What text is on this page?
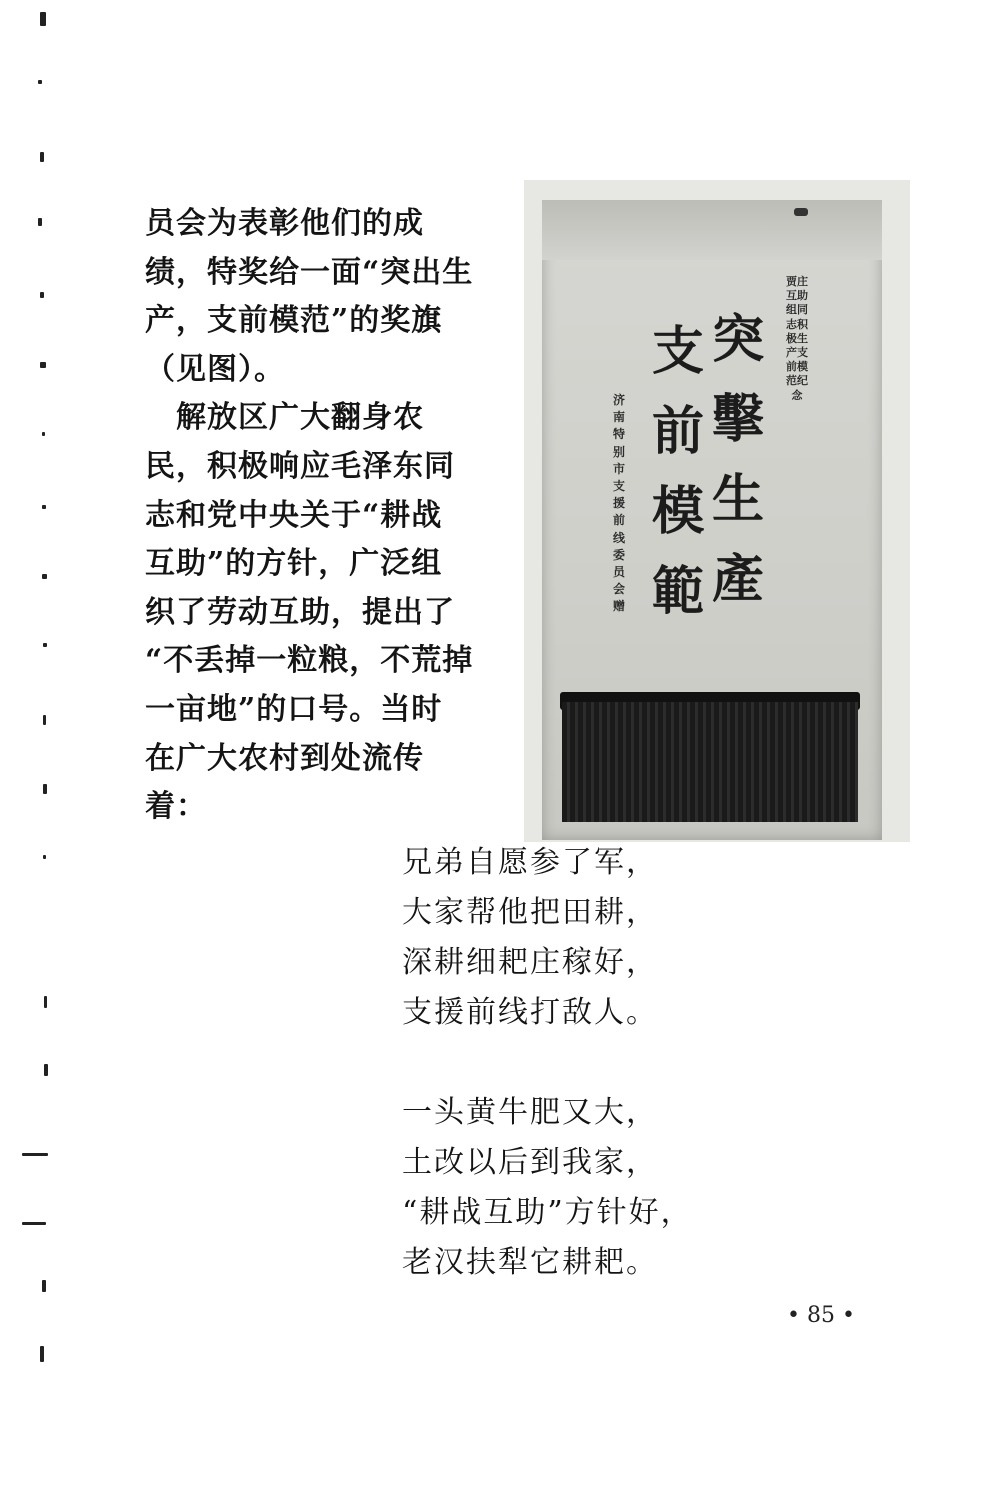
员会为表彰他们的成
绩，特奖给一面“突出生
产，支前模范”的奖旗
（见图）。
　解放区广大翻身农
民，积极响应毛泽东同
志和党中央关于“耕战
互助”的方针，广泛组
织了劳动互助，提出了
“不丢掉一粒粮，不荒掉
一亩地”的口号。当时
在广大农村到处流传
着：
贾庄互助组同志积极生产支前模范纪念
突擊生產
支前模範
济南特别市支援前线委员会赠
兄弟自愿参了军，
大家帮他把田耕，
深耕细耙庄稼好，
支援前线打敌人。
一头黄牛肥又大，
土改以后到我家，
“耕战互助”方针好，
老汉扶犁它耕耙。
• 85 •
